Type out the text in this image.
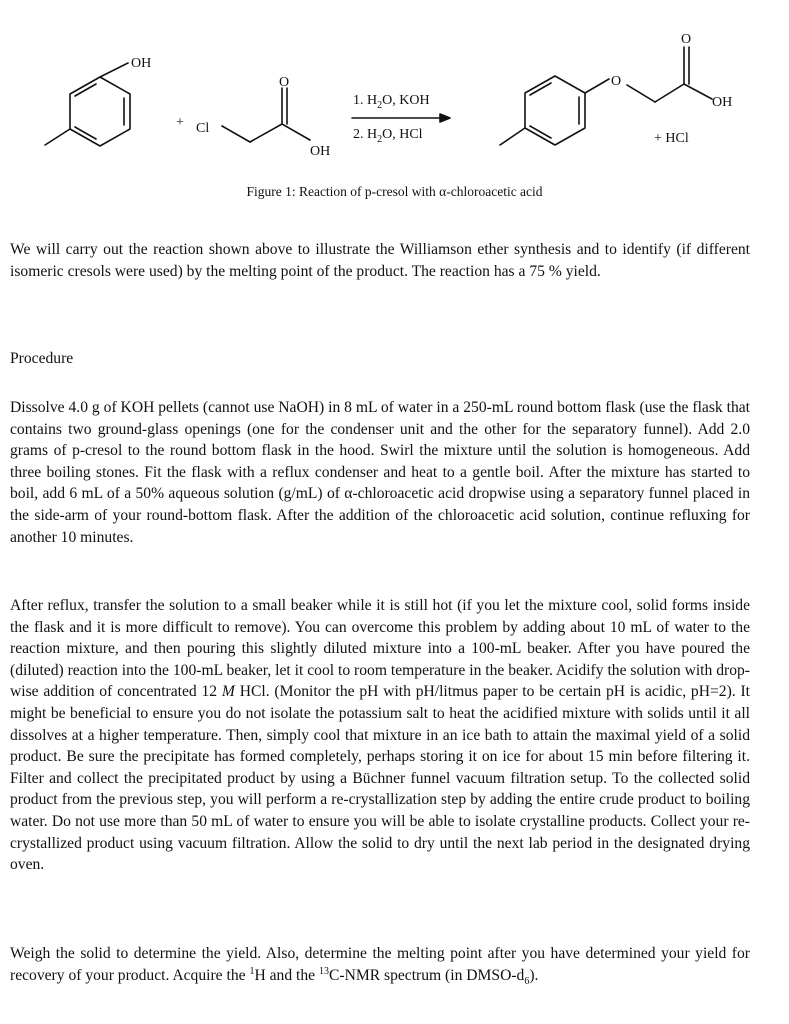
OH
+ Cl
O
OH
1. $H_2O$, KOH
2. $H_2O$, HCl
O
O
OH
+ HCl
Figure 1: Reaction of p-cresol with α-chloroacetic acid

We will carry out the reaction shown above to illustrate the Williamson ether synthesis and to identify (if different isomeric cresols were used) by the melting point of the product. The reaction has a 75 % yield.

Procedure

Dissolve 4.0 g of KOH pellets (cannot use NaOH) in 8 mL of water in a 250-mL round bottom flask (use the flask that contains two ground-glass openings (one for the condenser unit and the other for the separatory funnel). Add 2.0 grams of p-cresol to the round bottom flask in the hood. Swirl the mixture until the solution is homogeneous. Add three boiling stones. Fit the flask with a reflux condenser and heat to a gentle boil. After the mixture has started to boil, add 6 mL of a 50% aqueous solution (g/mL) of α-chloroacetic acid dropwise using a separatory funnel placed in the side-arm of your round-bottom flask. After the addition of the chloroacetic acid solution, continue refluxing for another 10 minutes.

After reflux, transfer the solution to a small beaker while it is still hot (if you let the mixture cool, solid forms inside the flask and it is more difficult to remove). You can overcome this problem by adding about 10 mL of water to the reaction mixture, and then pouring this slightly diluted mixture into a 100-mL beaker. After you have poured the (diluted) reaction into the 100-mL beaker, let it cool to room temperature in the beaker. Acidify the solution with drop-wise addition of concentrated 12 M HCl. (Monitor the pH with pH/litmus paper to be certain pH is acidic, pH=2). It might be beneficial to ensure you do not isolate the potassium salt to heat the acidified mixture with solids until it all dissolves at a higher temperature. Then, simply cool that mixture in an ice bath to attain the maximal yield of a solid product. Be sure the precipitate has formed completely, perhaps storing it on ice for about 15 min before filtering it. Filter and collect the precipitated product by using a Büchner funnel vacuum filtration setup. To the collected solid product from the previous step, you will perform a re-crystallization step by adding the entire crude product to boiling water. Do not use more than 50 mL of water to ensure you will be able to isolate crystalline products. Collect your re-crystallized product using vacuum filtration. Allow the solid to dry until the next lab period in the designated drying oven.

Weigh the solid to determine the yield. Also, determine the melting point after you have determined your yield for recovery of your product. Acquire the $^1$H and the $^{13}$C-NMR spectrum (in DMSO-$d_6$).
